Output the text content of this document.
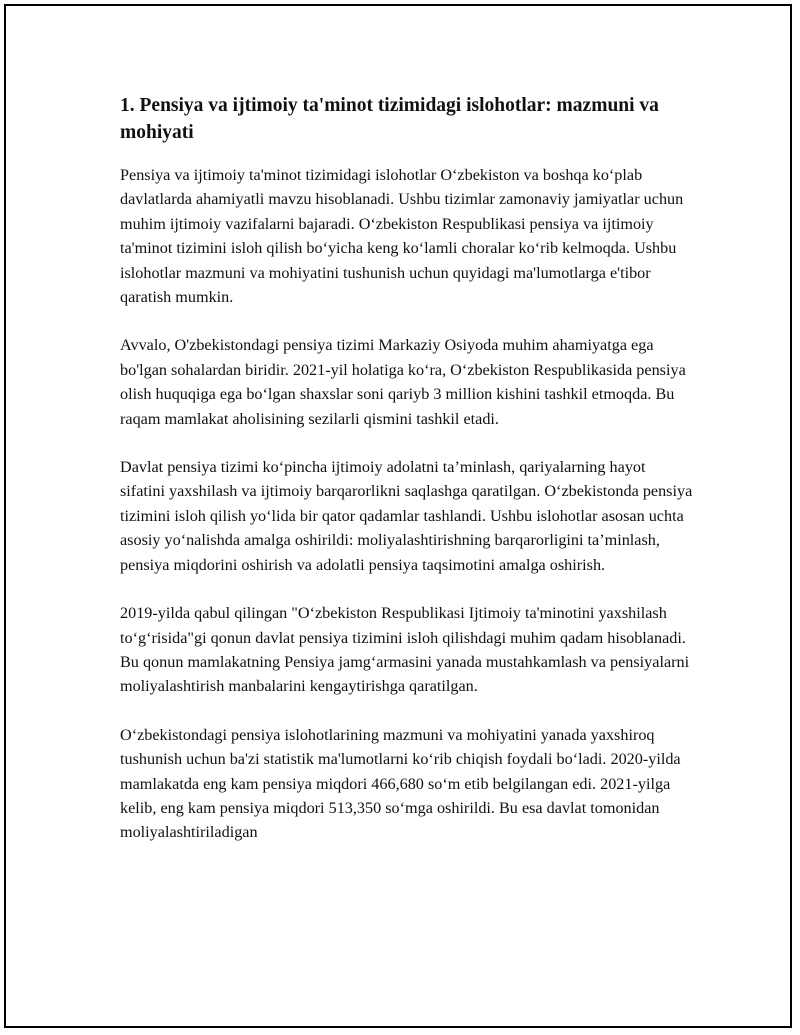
1. Pensiya va ijtimoiy ta'minot tizimidagi islohotlar: mazmuni va mohiyati

Pensiya va ijtimoiy ta'minot tizimidagi islohotlar O‘zbekiston va boshqa ko‘plab davlatlarda ahamiyatli mavzu hisoblanadi. Ushbu tizimlar zamonaviy jamiyatlar uchun muhim ijtimoiy vazifalarni bajaradi. O‘zbekiston Respublikasi pensiya va ijtimoiy ta'minot tizimini isloh qilish bo‘yicha keng ko‘lamli choralar ko‘rib kelmoqda. Ushbu islohotlar mazmuni va mohiyatini tushunish uchun quyidagi ma'lumotlarga e'tibor qaratish mumkin.

Avvalo, O'zbekistondagi pensiya tizimi Markaziy Osiyoda muhim ahamiyatga ega bo'lgan sohalardan biridir. 2021-yil holatiga ko‘ra, O‘zbekiston Respublikasida pensiya olish huquqiga ega bo‘lgan shaxslar soni qariyb 3 million kishini tashkil etmoqda. Bu raqam mamlakat aholisining sezilarli qismini tashkil etadi.

Davlat pensiya tizimi ko‘pincha ijtimoiy adolatni ta’minlash, qariyalarning hayot sifatini yaxshilash va ijtimoiy barqarorlikni saqlashga qaratilgan. O‘zbekistonda pensiya tizimini isloh qilish yo‘lida bir qator qadamlar tashlandi. Ushbu islohotlar asosan uchta asosiy yo‘nalishda amalga oshirildi: moliyalashtirishning barqarorligini ta’minlash, pensiya miqdorini oshirish va adolatli pensiya taqsimotini amalga oshirish.

2019-yilda qabul qilingan "O‘zbekiston Respublikasi Ijtimoiy ta'minotini yaxshilash to‘g‘risida"gi qonun davlat pensiya tizimini isloh qilishdagi muhim qadam hisoblanadi. Bu qonun mamlakatning Pensiya jamg‘armasini yanada mustahkamlash va pensiyalarni moliyalashtirish manbalarini kengaytirishga qaratilgan.

O‘zbekistondagi pensiya islohotlarining mazmuni va mohiyatini yanada yaxshiroq tushunish uchun ba'zi statistik ma'lumotlarni ko‘rib chiqish foydali bo‘ladi. 2020-yilda mamlakatda eng kam pensiya miqdori 466,680 so‘m etib belgilangan edi. 2021-yilga kelib, eng kam pensiya miqdori 513,350 so‘mga oshirildi. Bu esa davlat tomonidan moliyalashtiriladigan
